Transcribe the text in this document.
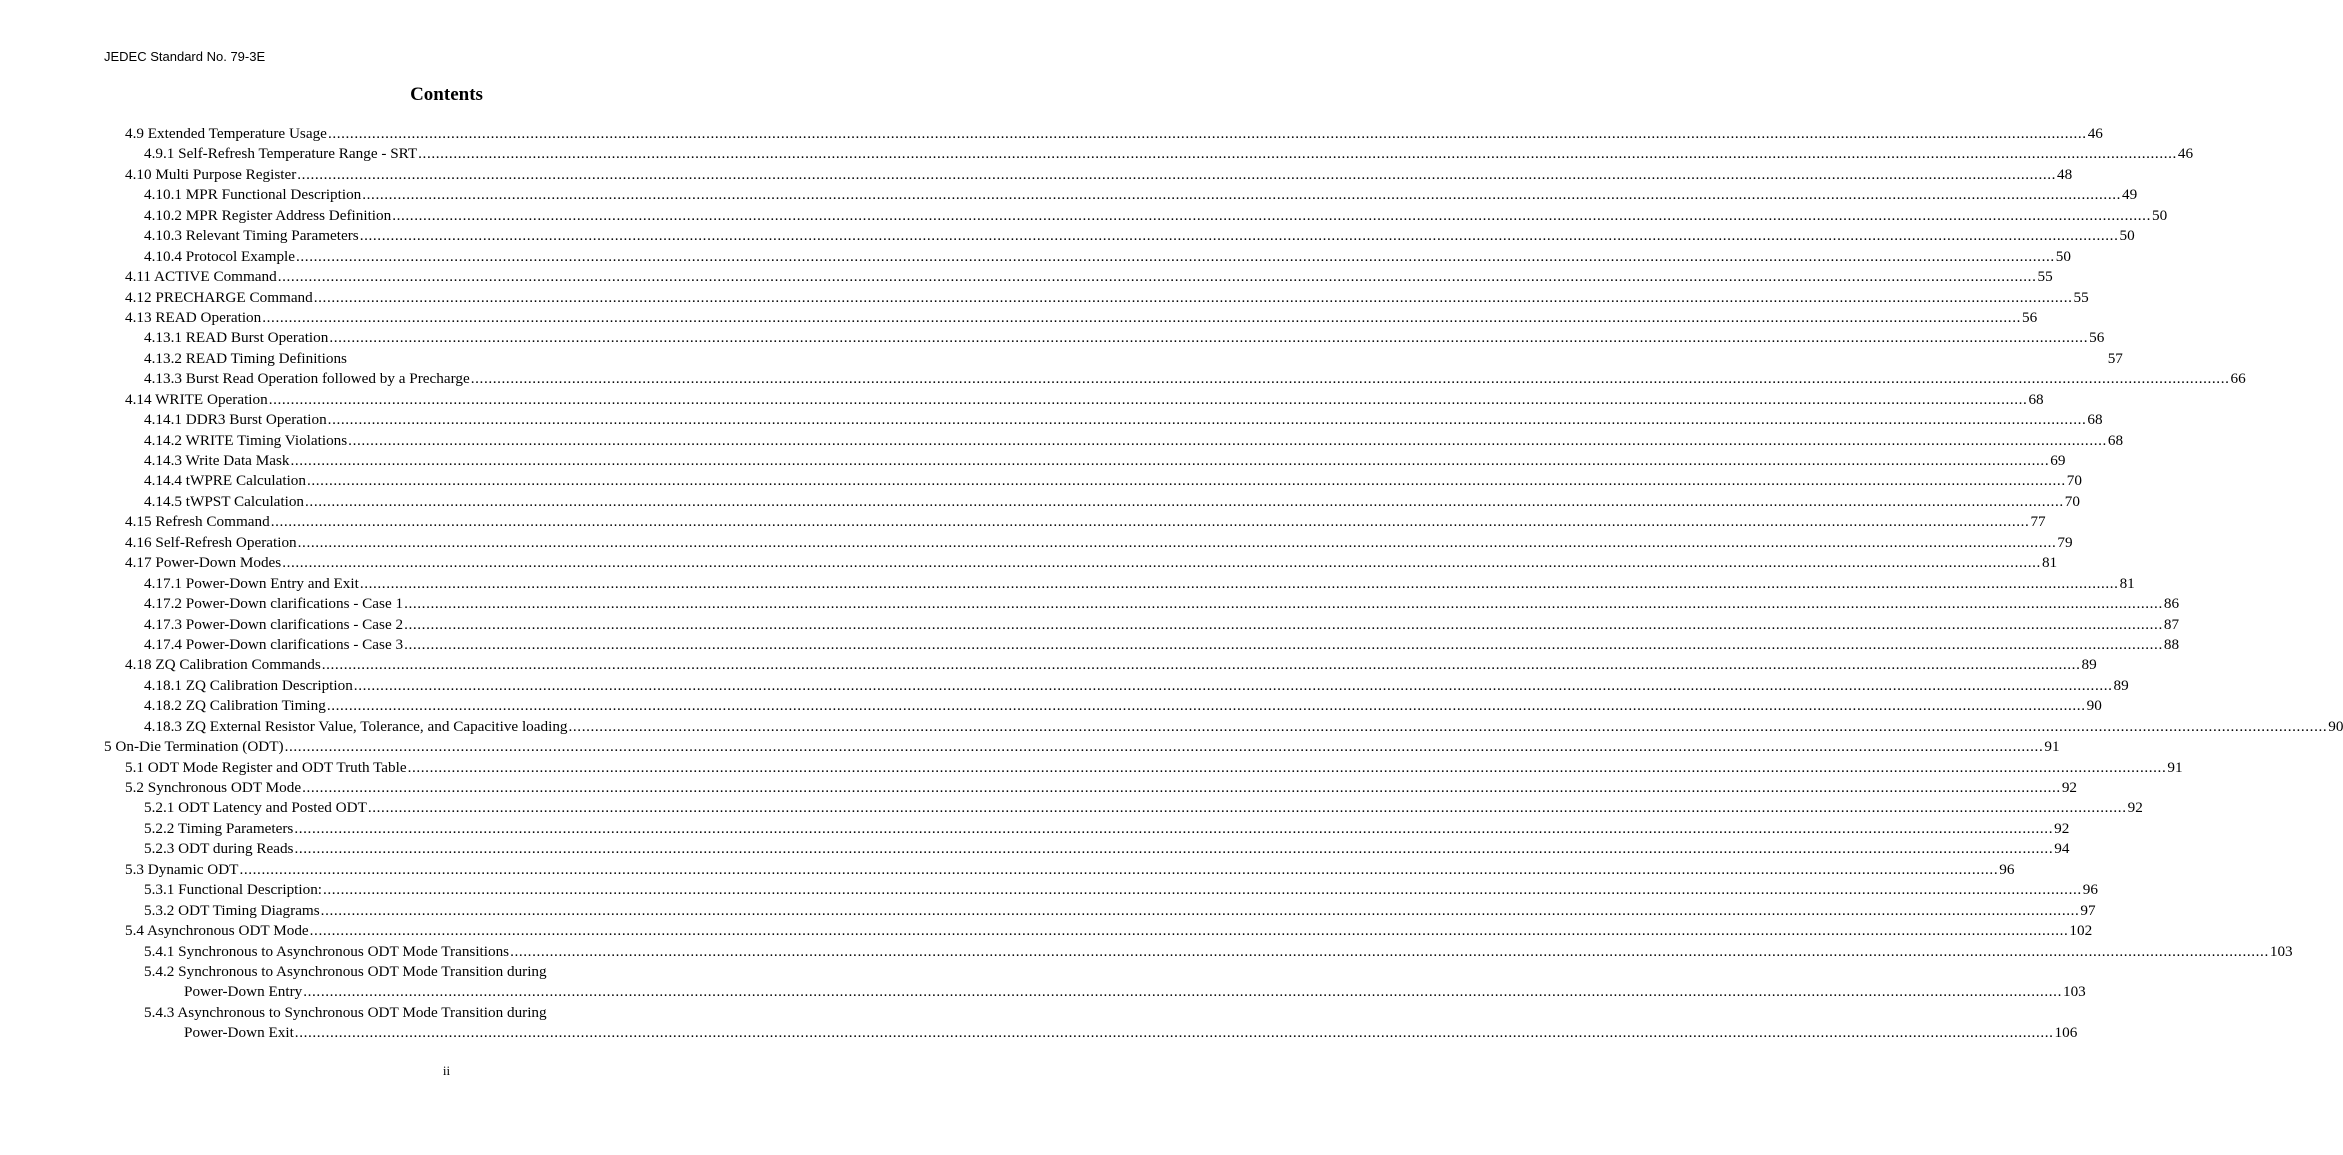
JEDEC Standard No. 79-3E
Contents
4.9 Extended Temperature Usage ................................................................................................................................................................................................................................................................................................................................................................................................................ 46
4.9.1 Self-Refresh Temperature Range - SRT ................................................................................................................................................................................................................................................................................................................................................................................................................ 46
4.10 Multi Purpose Register ................................................................................................................................................................................................................................................................................................................................................................................................................ 48
4.10.1 MPR Functional Description ................................................................................................................................................................................................................................................................................................................................................................................................................ 49
4.10.2 MPR Register Address Definition ................................................................................................................................................................................................................................................................................................................................................................................................................ 50
4.10.3 Relevant Timing Parameters ................................................................................................................................................................................................................................................................................................................................................................................................................ 50
4.10.4 Protocol Example ................................................................................................................................................................................................................................................................................................................................................................................................................ 50
4.11 ACTIVE Command ................................................................................................................................................................................................................................................................................................................................................................................................................ 55
4.12 PRECHARGE Command ................................................................................................................................................................................................................................................................................................................................................................................................................ 55
4.13 READ Operation ................................................................................................................................................................................................................................................................................................................................................................................................................ 56
4.13.1 READ Burst Operation ................................................................................................................................................................................................................................................................................................................................................................................................................ 56
4.13.2 READ Timing Definitions	57
4.13.3 Burst Read Operation followed by a Precharge ................................................................................................................................................................................................................................................................................................................................................................................................................ 66
4.14 WRITE Operation ................................................................................................................................................................................................................................................................................................................................................................................................................ 68
4.14.1 DDR3 Burst Operation ................................................................................................................................................................................................................................................................................................................................................................................................................ 68
4.14.2 WRITE Timing Violations ................................................................................................................................................................................................................................................................................................................................................................................................................ 68
4.14.3 Write Data Mask ................................................................................................................................................................................................................................................................................................................................................................................................................ 69
4.14.4 tWPRE Calculation ................................................................................................................................................................................................................................................................................................................................................................................................................ 70
4.14.5 tWPST Calculation ................................................................................................................................................................................................................................................................................................................................................................................................................ 70
4.15 Refresh Command ................................................................................................................................................................................................................................................................................................................................................................................................................ 77
4.16 Self-Refresh Operation ................................................................................................................................................................................................................................................................................................................................................................................................................ 79
4.17 Power-Down Modes ................................................................................................................................................................................................................................................................................................................................................................................................................ 81
4.17.1 Power-Down Entry and Exit ................................................................................................................................................................................................................................................................................................................................................................................................................ 81
4.17.2 Power-Down clarifications - Case 1 ................................................................................................................................................................................................................................................................................................................................................................................................................ 86
4.17.3 Power-Down clarifications - Case 2 ................................................................................................................................................................................................................................................................................................................................................................................................................ 87
4.17.4 Power-Down clarifications - Case 3 ................................................................................................................................................................................................................................................................................................................................................................................................................ 88
4.18 ZQ Calibration Commands ................................................................................................................................................................................................................................................................................................................................................................................................................ 89
4.18.1 ZQ Calibration Description ................................................................................................................................................................................................................................................................................................................................................................................................................ 89
4.18.2 ZQ Calibration Timing ................................................................................................................................................................................................................................................................................................................................................................................................................ 90
4.18.3 ZQ External Resistor Value, Tolerance, and Capacitive loading ................................................................................................................................................................................................................................................................................................................................................................................................................ 90
5 On-Die Termination (ODT) ................................................................................................................................................................................................................................................................................................................................................................................................................ 91
5.1 ODT Mode Register and ODT Truth Table ................................................................................................................................................................................................................................................................................................................................................................................................................ 91
5.2 Synchronous ODT Mode ................................................................................................................................................................................................................................................................................................................................................................................................................ 92
5.2.1 ODT Latency and Posted ODT ................................................................................................................................................................................................................................................................................................................................................................................................................ 92
5.2.2 Timing Parameters ................................................................................................................................................................................................................................................................................................................................................................................................................ 92
5.2.3 ODT during Reads ................................................................................................................................................................................................................................................................................................................................................................................................................ 94
5.3 Dynamic ODT ................................................................................................................................................................................................................................................................................................................................................................................................................ 96
5.3.1 Functional Description: ................................................................................................................................................................................................................................................................................................................................................................................................................ 96
5.3.2 ODT Timing Diagrams ................................................................................................................................................................................................................................................................................................................................................................................................................ 97
5.4 Asynchronous ODT Mode ................................................................................................................................................................................................................................................................................................................................................................................................................ 102
5.4.1 Synchronous to Asynchronous ODT Mode Transitions ................................................................................................................................................................................................................................................................................................................................................................................................................ 103
5.4.2 Synchronous to Asynchronous ODT Mode Transition during
Power-Down Entry ................................................................................................................................................................................................................................................................................................................................................................................................................ 103
5.4.3 Asynchronous to Synchronous ODT Mode Transition during
Power-Down Exit ................................................................................................................................................................................................................................................................................................................................................................................................................ 106
ii
